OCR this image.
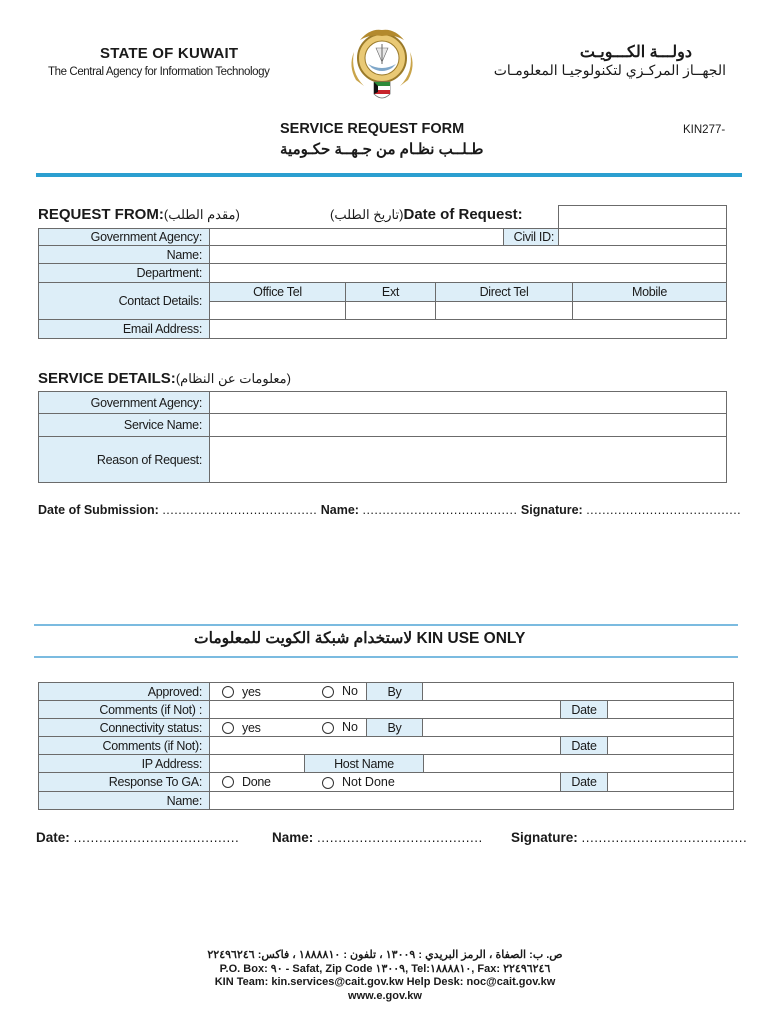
STATE OF KUWAIT
The Central Agency for Information Technology
دولـــة الكـــويـت
الجهــاز المركـزي لتكنولوجيـا المعلومـات
SERVICE REQUEST FORM
طـلــب نظـام من جـهــة حكـومية
KIN277-
REQUEST FROM:(مقدم الطلب)	(تاريخ الطلب)Date of Request:
Government Agency:	Civil ID:
Name:
Department:
Contact Details:
Office Tel	Ext	Direct Tel	Mobile
Email Address:
SERVICE DETAILS:(معلومات عن النظام)
Government Agency:
Service Name:
Reason of Request:
Date of Submission: ....................................... Name: ....................................... Signature: .......................................
لاستخدام شبكة الكويت للمعلومات KIN USE ONLY
Approved:	yes	No	By
Comments (if Not) :	Date
Connectivity status:	yes	No	By
Comments (if Not):	Date
IP Address:	Host Name
Response To GA:	Done	Not Done	Date
Name:
Date: ....................................... Name: ....................................... Signature: .......................................
ص. ب: الصفاة ، الرمز البريدي : ١٣٠٠٩ ، تلفون : ١٨٨٨٨١٠ ، فاكس: ٢٢٤٩٦٢٤٦
P.O. Box: ٩٠ - Safat, Zip Code ١٣٠٠٩, Tel:١٨٨٨٨١٠, Fax: ٢٢٤٩٦٢٤٦
KIN Team: kin.services@cait.gov.kw Help Desk: noc@cait.gov.kw
www.e.gov.kw
